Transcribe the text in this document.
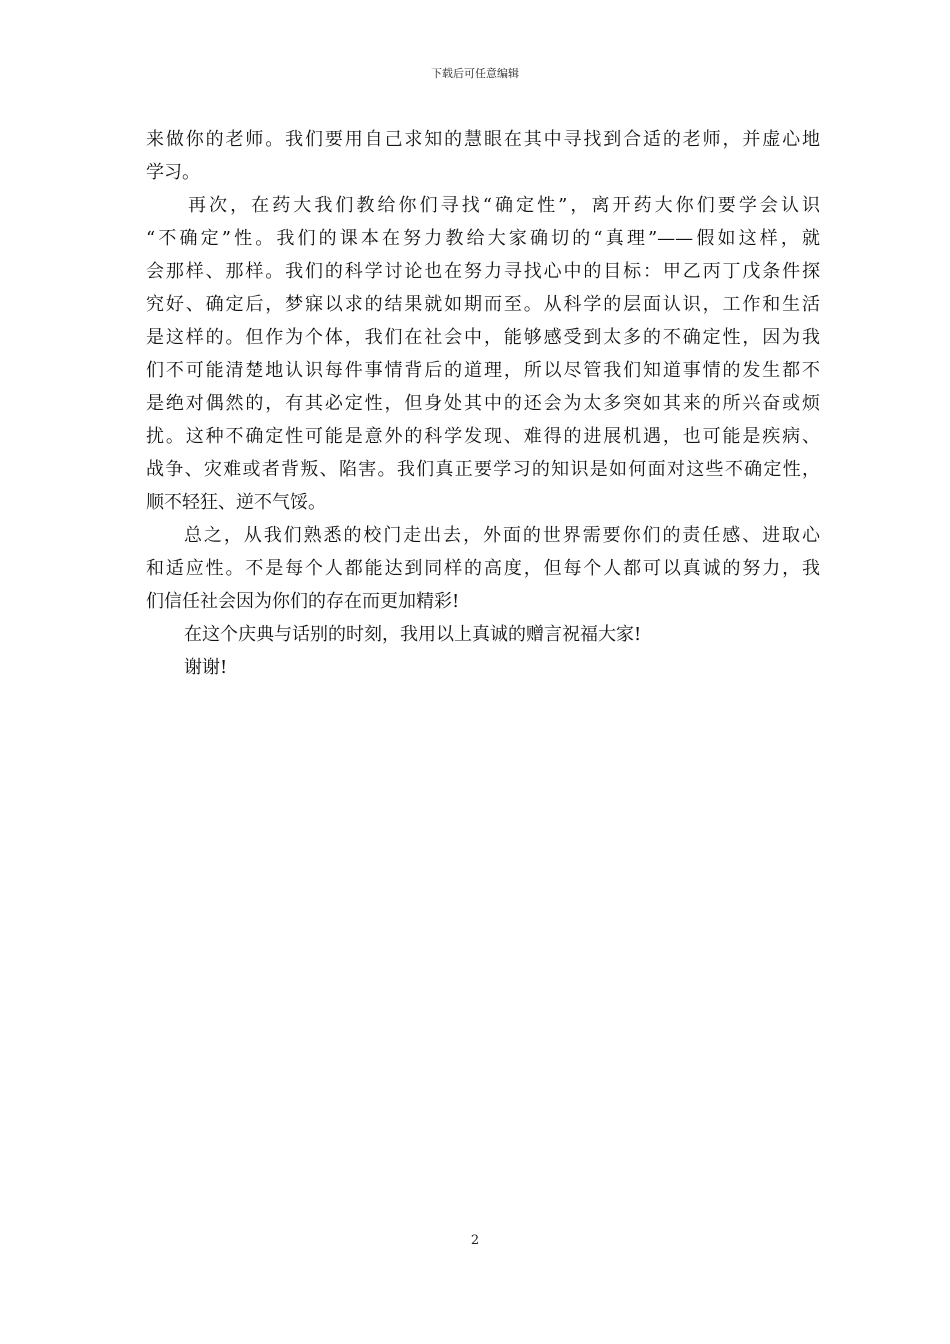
下载后可任意编辑
来做你的老师。我们要用自己求知的慧眼在其中寻找到合适的老师，并虚心地
学习。
再次，在药大我们教给你们寻找“确定性”，离开药大你们要学会认识
“不确定”性。我们的课本在努力教给大家确切的“真理”——假如这样，就
会那样、那样。我们的科学讨论也在努力寻找心中的目标：甲乙丙丁戊条件探
究好、确定后，梦寐以求的结果就如期而至。从科学的层面认识，工作和生活
是这样的。但作为个体，我们在社会中，能够感受到太多的不确定性，因为我
们不可能清楚地认识每件事情背后的道理，所以尽管我们知道事情的发生都不
是绝对偶然的，有其必定性，但身处其中的还会为太多突如其来的所兴奋或烦
扰。这种不确定性可能是意外的科学发现、难得的进展机遇，也可能是疾病、
战争、灾难或者背叛、陷害。我们真正要学习的知识是如何面对这些不确定性，
顺不轻狂、逆不气馁。
总之，从我们熟悉的校门走出去，外面的世界需要你们的责任感、进取心
和适应性。不是每个人都能达到同样的高度，但每个人都可以真诚的努力，我
们信任社会因为你们的存在而更加精彩!
在这个庆典与话别的时刻，我用以上真诚的赠言祝福大家!
谢谢!
2
